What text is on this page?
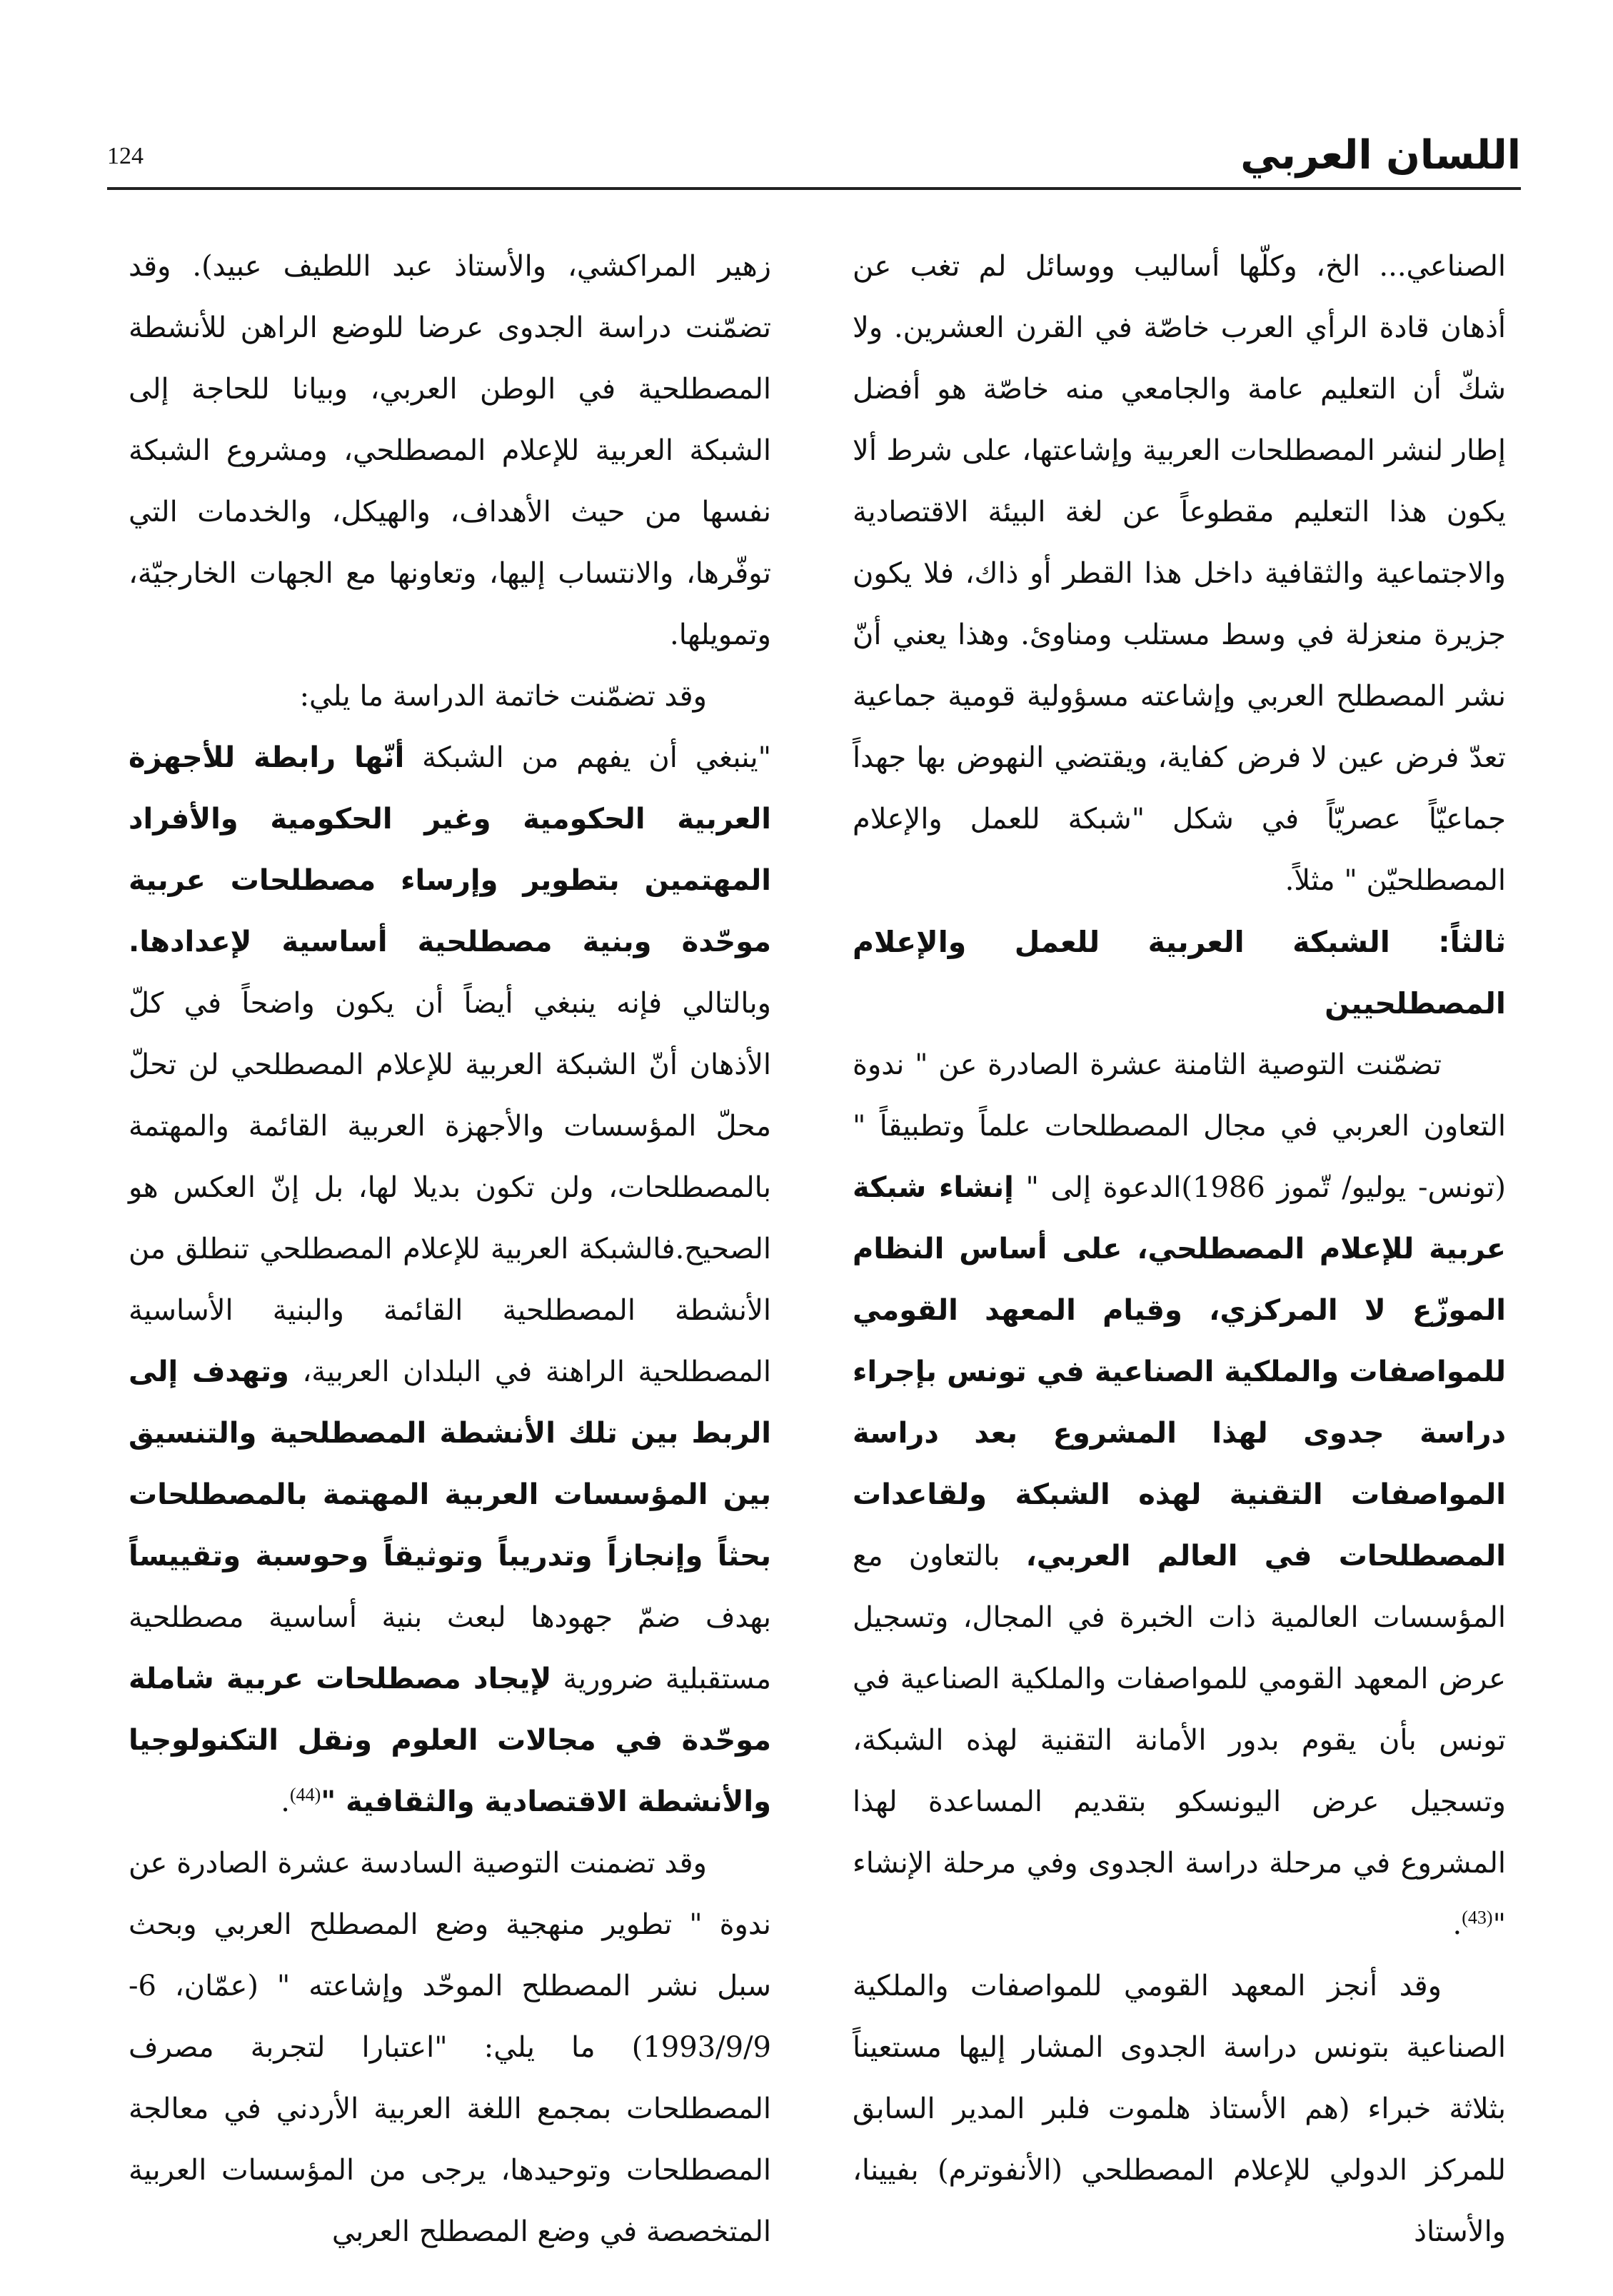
124	اللسان العربي

الصناعي... الخ، وكلّها أساليب ووسائل لم تغب عن أذهان قادة الرأي العرب خاصّة في القرن العشرين. ولا شكّ أن التعليم عامة والجامعي منه خاصّة هو أفضل إطار لنشر المصطلحات العربية وإشاعتها، على شرط ألا يكون هذا التعليم مقطوعاً عن لغة البيئة الاقتصادية والاجتماعية والثقافية داخل هذا القطر أو ذاك، فلا يكون جزيرة منعزلة في وسط مستلب ومناوئ. وهذا يعني أنّ نشر المصطلح العربي وإشاعته مسؤولية قومية جماعية تعدّ فرض عين لا فرض كفاية، ويقتضي النهوض بها جهداً جماعيّاً عصريّاً في شكل "شبكة للعمل والإعلام المصطلحيّن " مثلاً.

ثالثاً: الشبكة العربية للعمل والإعلام المصطلحيين

تضمّنت التوصية الثامنة عشرة الصادرة عن " ندوة التعاون العربي في مجال المصطلحات علماً وتطبيقاً " (تونس- يوليو/ تّموز 1986)الدعوة إلى " إنشاء شبكة عربية للإعلام المصطلحي، على أساس النظام الموزّع لا المركزي، وقيام المعهد القومي للمواصفات والملكية الصناعية في تونس بإجراء دراسة جدوى لهذا المشروع بعد دراسة المواصفات التقنية لهذه الشبكة ولقاعدات المصطلحات في العالم العربي، بالتعاون مع المؤسسات العالمية ذات الخبرة في المجال، وتسجيل عرض المعهد القومي للمواصفات والملكية الصناعية في تونس بأن يقوم بدور الأمانة التقنية لهذه الشبكة، وتسجيل عرض اليونسكو بتقديم المساعدة لهذا المشروع في مرحلة دراسة الجدوى وفي مرحلة الإنشاء "$^{(43)}$.

وقد أنجز المعهد القومي للمواصفات والملكية الصناعية بتونس دراسة الجدوى المشار إليها مستعيناً بثلاثة خبراء (هم الأستاذ هلموت فلبر المدير السابق للمركز الدولي للإعلام المصطلحي (الأنفوترم) بفيينا، والأستاذ

زهير المراكشي، والأستاذ عبد اللطيف عبيد). وقد تضمّنت دراسة الجدوى عرضا للوضع الراهن للأنشطة المصطلحية في الوطن العربي، وبيانا للحاجة إلى الشبكة العربية للإعلام المصطلحي، ومشروع الشبكة نفسها من حيث الأهداف، والهيكل، والخدمات التي توفّرها، والانتساب إليها، وتعاونها مع الجهات الخارجيّة، وتمويلها.

وقد تضمّنت خاتمة الدراسة ما يلي:

"ينبغي أن يفهم من الشبكة أنّها رابطة للأجهزة العربية الحكومية وغير الحكومية والأفراد المهتمين بتطوير وإرساء مصطلحات عربية موحّدة وبنية مصطلحية أساسية لإعدادها. وبالتالي فإنه ينبغي أيضاً أن يكون واضحاً في كلّ الأذهان أنّ الشبكة العربية للإعلام المصطلحي لن تحلّ محلّ المؤسسات والأجهزة العربية القائمة والمهتمة بالمصطلحات، ولن تكون بديلا لها، بل إنّ العكس هو الصحيح.فالشبكة العربية للإعلام المصطلحي تنطلق من الأنشطة المصطلحية القائمة والبنية الأساسية المصطلحية الراهنة في البلدان العربية، وتهدف إلى الربط بين تلك الأنشطة المصطلحية والتنسيق بين المؤسسات العربية المهتمة بالمصطلحات بحثاً وإنجازاً وتدريباً وتوثيقاً وحوسبة وتقييساً بهدف ضمّ جهودها لبعث بنية أساسية مصطلحية مستقبلية ضرورية لإيجاد مصطلحات عربية شاملة موحّدة في مجالات العلوم ونقل التكنولوجيا والأنشطة الاقتصادية والثقافية "$^{(44)}$.

وقد تضمنت التوصية السادسة عشرة الصادرة عن ندوة " تطوير منهجية وضع المصطلح العربي وبحث سبل نشر المصطلح الموحّد وإشاعته " (عمّان، 6-1993/9/9) ما يلي: "اعتبارا لتجربة مصرف المصطلحات بمجمع اللغة العربية الأردني في معالجة المصطلحات وتوحيدها، يرجى من المؤسسات العربية المتخصصة في وضع المصطلح العربي
